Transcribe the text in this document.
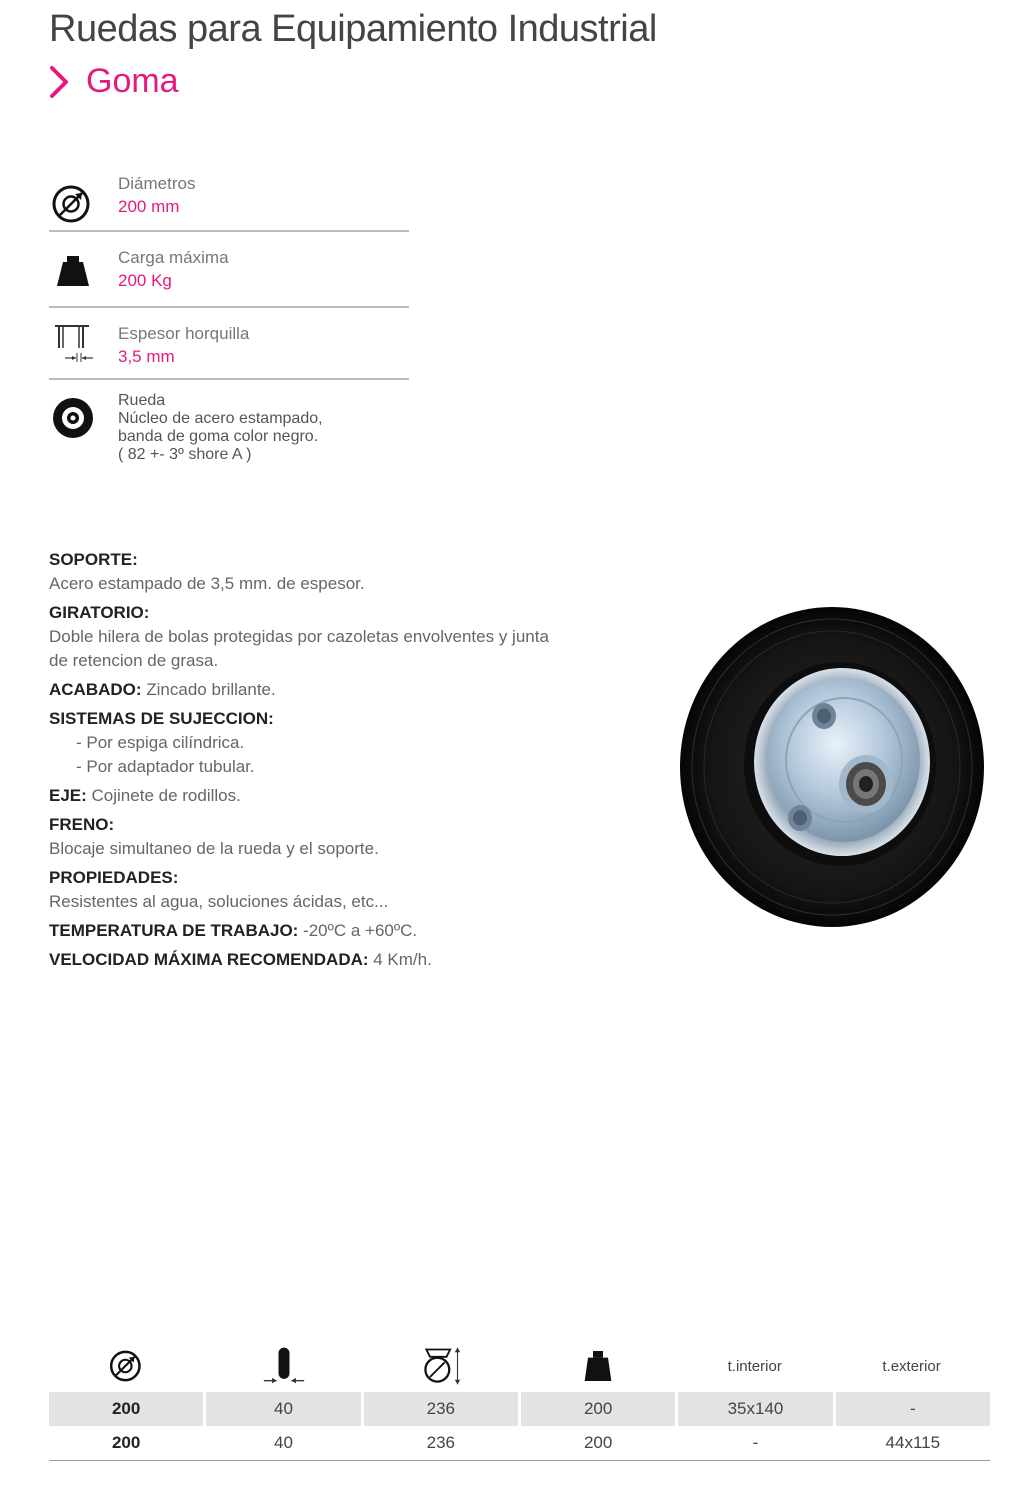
Ruedas para Equipamiento Industrial
Goma
Diámetros
200 mm
Carga máxima
200 Kg
Espesor horquilla
3,5 mm
Rueda
Núcleo de acero estampado,
banda de goma color negro.
( 82 +- 3º shore A )
SOPORTE:
Acero estampado de 3,5 mm. de espesor.
GIRATORIO:
Doble hilera de bolas protegidas por cazoletas envolventes y junta
de retencion de grasa.
ACABADO: Zincado brillante.
SISTEMAS DE SUJECCION:
- Por espiga cilíndrica.
- Por adaptador tubular.
EJE: Cojinete de rodillos.
FRENO:
Blocaje simultaneo de la rueda y el soporte.
PROPIEDADES:
Resistentes al agua, soluciones ácidas, etc...
TEMPERATURA DE TRABAJO: -20ºC a +60ºC.
VELOCIDAD MÁXIMA RECOMENDADA: 4 Km/h.
t.interior	t.exterior
200	40	236	200	35x140	-
200	40	236	200	-	44x115
